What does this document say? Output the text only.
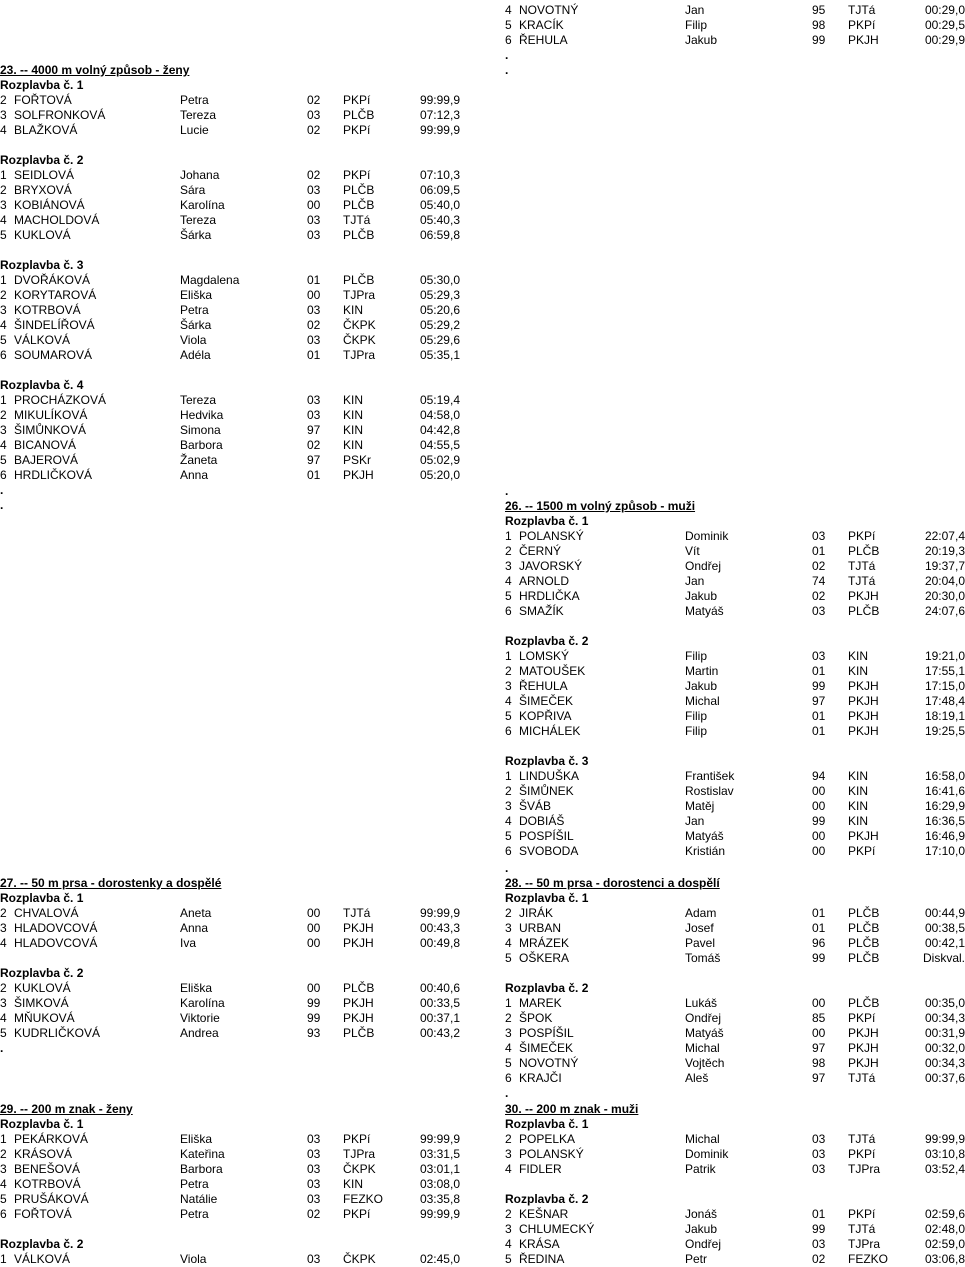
23. -- 4000 m volný způsob - ženy
Rozplavba č. 1
2 FOŘTOVÁ	Petra	02 PKPí	99:99,9
3 SOLFRONKOVÁ	Tereza	03 PLČB	07:12,3
4 BLAŽKOVÁ	Lucie	02 PKPí	99:99,9
Rozplavba č. 2
1 SEIDLOVÁ	Johana	02 PKPí	07:10,3
2 BRYXOVÁ	Sára	03 PLČB	06:09,5
3 KOBIÁNOVÁ	Karolína	00 PLČB	05:40,0
4 MACHOLDOVÁ	Tereza	03 TJTá	05:40,3
5 KUKLOVÁ	Šárka	03 PLČB	06:59,8
Rozplavba č. 3
1 DVOŘÁKOVÁ	Magdalena	01 PLČB	05:30,0
2 KORYTAROVÁ	Eliška	00 TJPra	05:29,3
3 KOTRBOVÁ	Petra	03 KIN	05:20,6
4 ŠINDELÍŘOVÁ	Šárka	02 ČKPK	05:29,2
5 VÁLKOVÁ	Viola	03 ČKPK	05:29,6
6 SOUMAROVÁ	Adéla	01 TJPra	05:35,1
Rozplavba č. 4
1 PROCHÁZKOVÁ	Tereza	03 KIN	05:19,4
2 MIKULÍKOVÁ	Hedvika	03 KIN	04:58,0
3 ŠIMŮNKOVÁ	Simona	97 KIN	04:42,8
4 BICANOVÁ	Barbora	02 KIN	04:55,5
5 BAJEROVÁ	Žaneta	97 PSKr	05:02,9
6 HRDLIČKOVÁ	Anna	01 PKJH	05:20,0
.
.
27. -- 50 m prsa - dorostenky a dospělé
Rozplavba č. 1
2 CHVALOVÁ	Aneta	00 TJTá	99:99,9
3 HLADOVCOVÁ	Anna	00 PKJH	00:43,3
4 HLADOVCOVÁ	Iva	00 PKJH	00:49,8
Rozplavba č. 2
2 KUKLOVÁ	Eliška	00 PLČB	00:40,6
3 ŠIMKOVÁ	Karolína	99 PKJH	00:33,5
4 MŇUKOVÁ	Viktorie	99 PKJH	00:37,1
5 KUDRLIČKOVÁ	Andrea	93 PLČB	00:43,2
.
29. -- 200 m znak - ženy
Rozplavba č. 1
1 PEKÁRKOVÁ	Eliška	03 PKPí	99:99,9
2 KRÁSOVÁ	Kateřina	03 TJPra	03:31,5
3 BENEŠOVÁ	Barbora	03 ČKPK	03:01,1
4 KOTRBOVÁ	Petra	03 KIN	03:08,0
5 PRUŠÁKOVÁ	Natálie	03 FEZKO	03:35,8
6 FOŘTOVÁ	Petra	02 PKPí	99:99,9
Rozplavba č. 2
1 VÁLKOVÁ	Viola	03 ČKPK	02:45,0
4 NOVOTNÝ	Jan	95 TJTá	00:29,0
5 KRACÍK	Filip	98 PKPí	00:29,5
6 ŘEHULA	Jakub	99 PKJH	00:29,9
.
.
.
26. -- 1500 m volný způsob - muži
Rozplavba č. 1
1 POLANSKÝ	Dominik	03 PKPí	22:07,4
2 ČERNÝ	Vít	01 PLČB	20:19,3
3 JAVORSKÝ	Ondřej	02 TJTá	19:37,7
4 ARNOLD	Jan	74 TJTá	20:04,0
5 HRDLIČKA	Jakub	02 PKJH	20:30,0
6 SMAŽÍK	Matyáš	03 PLČB	24:07,6
Rozplavba č. 2
1 LOMSKÝ	Filip	03 KIN	19:21,0
2 MATOUŠEK	Martin	01 KIN	17:55,1
3 ŘEHULA	Jakub	99 PKJH	17:15,0
4 ŠIMEČEK	Michal	97 PKJH	17:48,4
5 KOPŘIVA	Filip	01 PKJH	18:19,1
6 MICHÁLEK	Filip	01 PKJH	19:25,5
Rozplavba č. 3
1 LINDUŠKA	František	94 KIN	16:58,0
2 ŠIMŮNEK	Rostislav	00 KIN	16:41,6
3 ŠVÁB	Matěj	00 KIN	16:29,9
4 DOBIÁŠ	Jan	99 KIN	16:36,5
5 POSPÍŠIL	Matyáš	00 PKJH	16:46,9
6 SVOBODA	Kristián	00 PKPí	17:10,0
.
28. -- 50 m prsa - dorostenci a dospělí
Rozplavba č. 1
2 JIRÁK	Adam	01 PLČB	00:44,9
3 URBAN	Josef	01 PLČB	00:38,5
4 MRÁZEK	Pavel	96 PLČB	00:42,1
5 OŠKERA	Tomáš	99 PLČB	Diskval.
Rozplavba č. 2
1 MAREK	Lukáš	00 PLČB	00:35,0
2 ŠPOK	Ondřej	85 PKPí	00:34,3
3 POSPÍŠIL	Matyáš	00 PKJH	00:31,9
4 ŠIMEČEK	Michal	97 PKJH	00:32,0
5 NOVOTNÝ	Vojtěch	98 PKJH	00:34,3
6 KRAJČI	Aleš	97 TJTá	00:37,6
.
30. -- 200 m znak - muži
Rozplavba č. 1
2 POPELKA	Michal	03 TJTá	99:99,9
3 POLANSKÝ	Dominik	03 PKPí	03:10,8
4 FIDLER	Patrik	03 TJPra	03:52,4
Rozplavba č. 2
2 KEŠNAR	Jonáš	01 PKPí	02:59,6
3 CHLUMECKÝ	Jakub	99 TJTá	02:48,0
4 KRÁSA	Ondřej	03 TJPra	02:59,0
5 ŘEDINA	Petr	02 FEZKO	03:06,8
